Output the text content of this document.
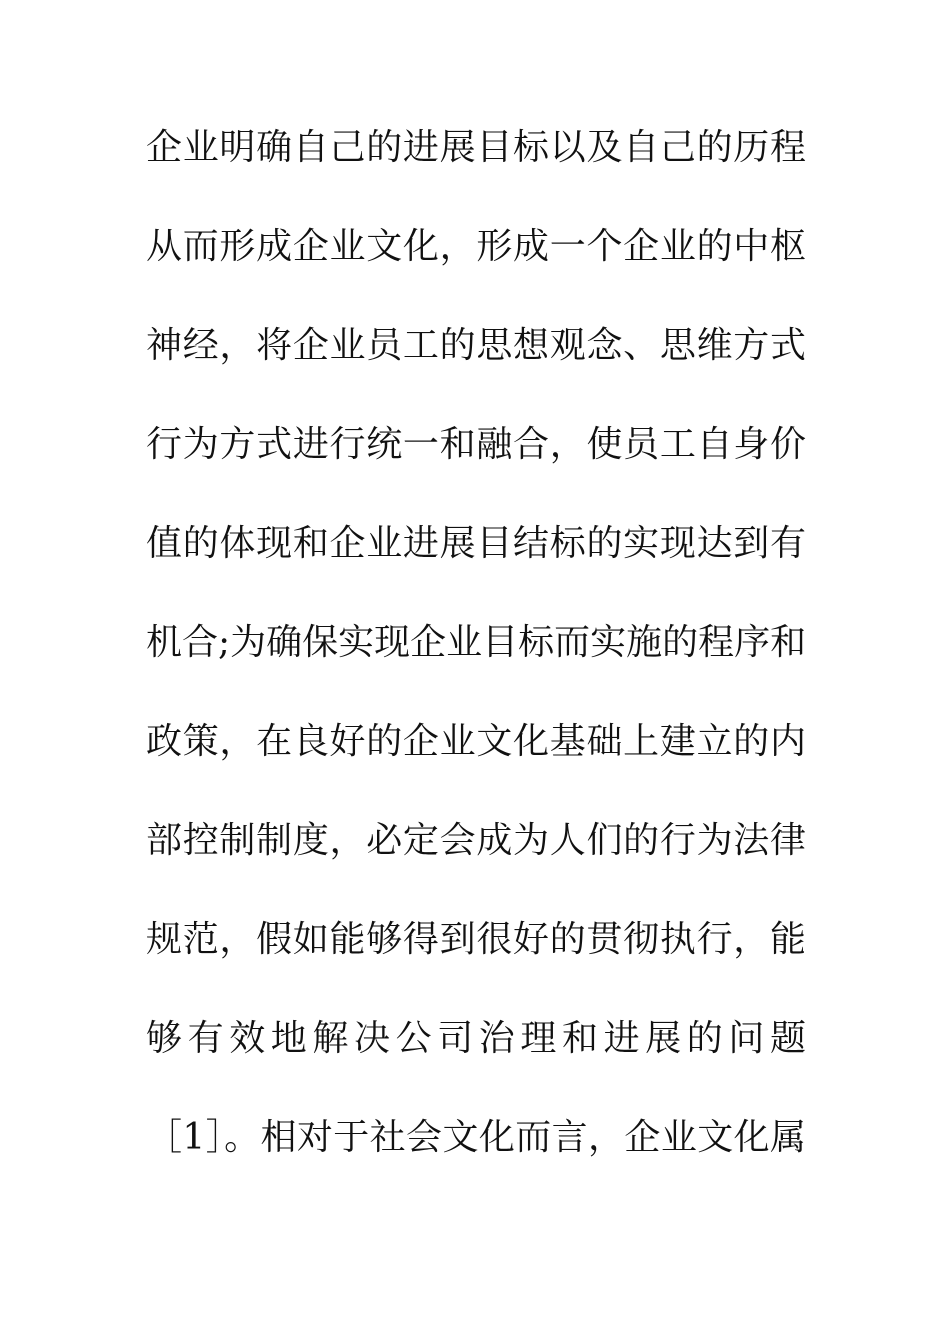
企业明确自己的进展目标以及自己的历程
从而形成企业文化，形成一个企业的中枢
神经，将企业员工的思想观念、思维方式
行为方式进行统一和融合，使员工自身价
值的体现和企业进展目结标的实现达到有
机合;为确保实现企业目标而实施的程序和
政策，在良好的企业文化基础上建立的内
部控制制度，必定会成为人们的行为法律
规范，假如能够得到很好的贯彻执行，能
够有效地解决公司治理和进展的问题
［1］。相对于社会文化而言，企业文化属
